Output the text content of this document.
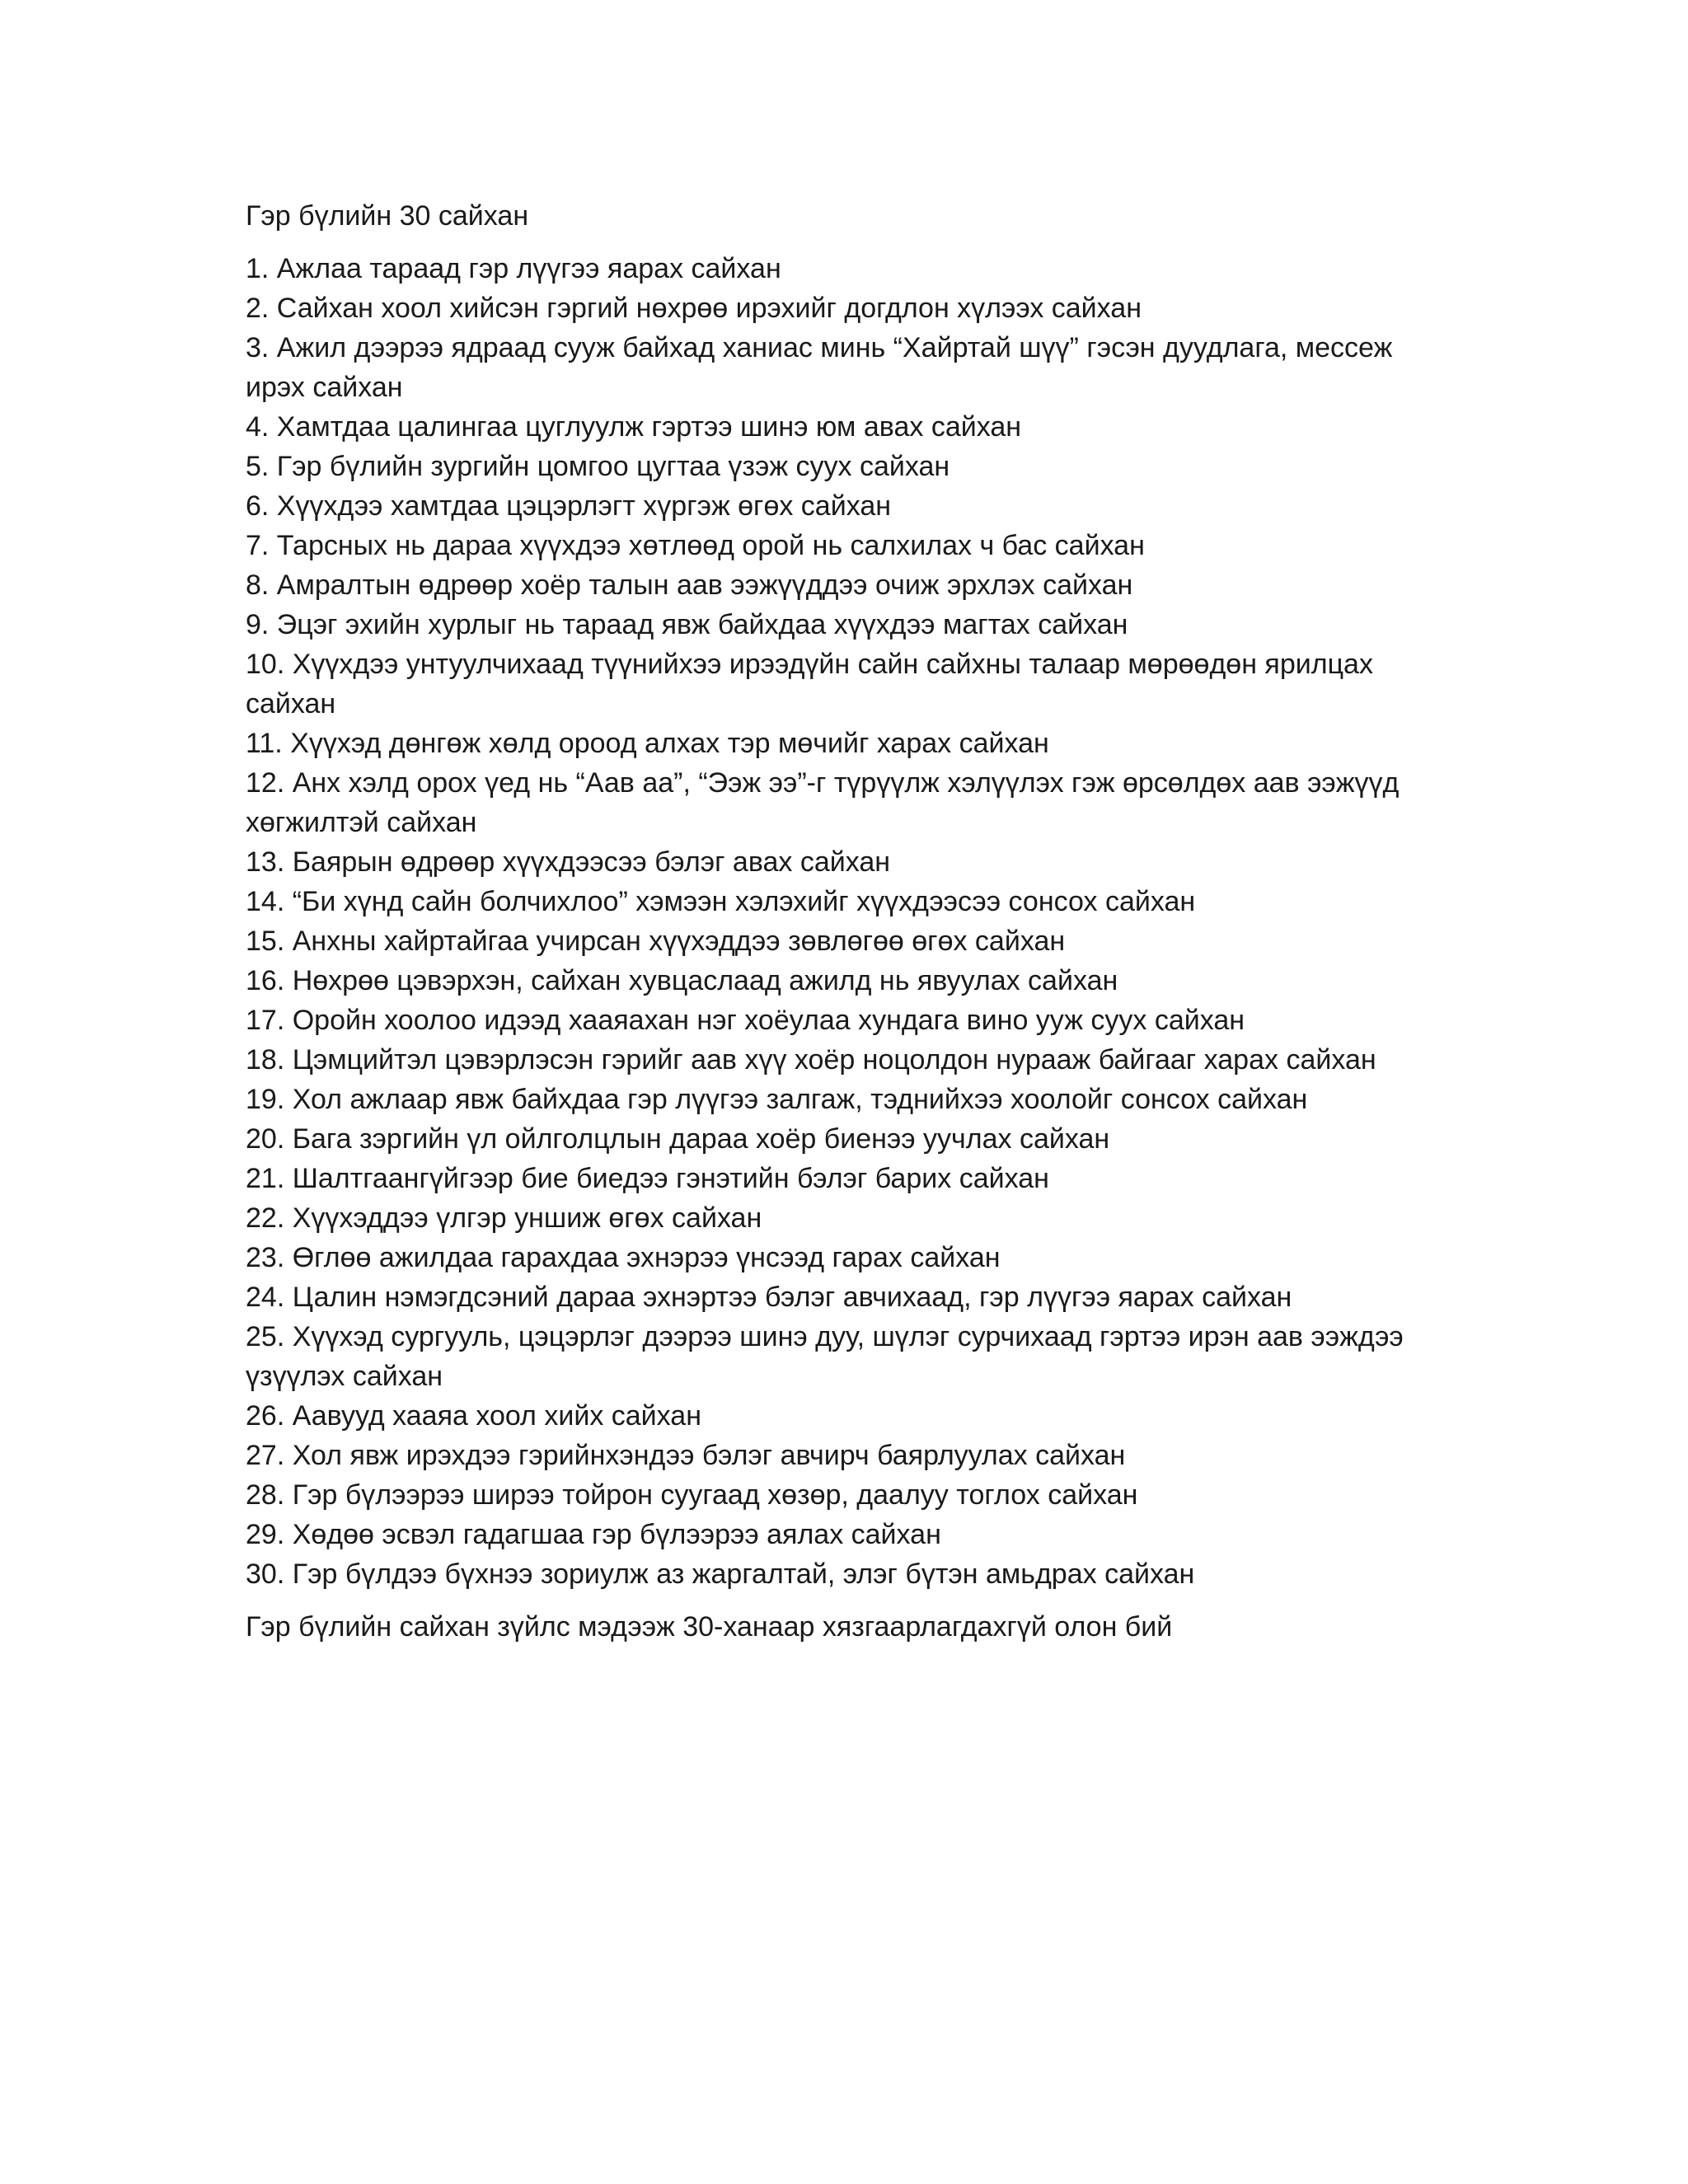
Гэр бүлийн 30 сайхан
1. Ажлаа тараад гэр лүүгээ яарах сайхан
2. Сайхан хоол хийсэн гэргий нөхрөө ирэхийг догдлон хүлээх сайхан
3. Ажил дээрээ ядраад сууж байхад ханиас минь “Хайртай шүү” гэсэн дуудлага, мессеж ирэх сайхан
4. Хамтдаа цалингаа цуглуулж гэртээ шинэ юм авах сайхан
5. Гэр бүлийн зургийн цомгоо цугтаа үзэж суух сайхан
6. Хүүхдээ хамтдаа цэцэрлэгт хүргэж өгөх сайхан
7. Тарсных нь дараа хүүхдээ хөтлөөд орой нь салхилах ч бас сайхан
8. Амралтын өдрөөр хоёр талын аав ээжүүддээ очиж эрхлэх сайхан
9. Эцэг эхийн хурлыг нь тараад явж байхдаа хүүхдээ магтах сайхан
10. Хүүхдээ унтуулчихаад түүнийхээ ирээдүйн сайн сайхны талаар мөрөөдөн ярилцах сайхан
11. Хүүхэд дөнгөж хөлд ороод алхах тэр мөчийг харах сайхан
12. Анх хэлд орох үед нь “Аав аа”, “Ээж ээ”-г түрүүлж хэлүүлэх гэж өрсөлдөх аав ээжүүд хөгжилтэй сайхан
13. Баярын өдрөөр хүүхдээсээ бэлэг авах сайхан
14. “Би хүнд сайн болчихлоо” хэмээн хэлэхийг хүүхдээсээ сонсох сайхан
15. Анхны хайртайгаа учирсан хүүхэддээ зөвлөгөө өгөх сайхан
16. Нөхрөө цэвэрхэн, сайхан хувцаслаад ажилд нь явуулах сайхан
17. Оройн хоолоо идээд хааяахан нэг хоёулаа хундага вино ууж суух сайхан
18. Цэмцийтэл цэвэрлэсэн гэрийг аав хүү хоёр ноцолдон нурааж байгааг харах сайхан
19. Хол ажлаар явж байхдаа гэр лүүгээ залгаж, тэднийхээ хоолойг сонсох сайхан
20. Бага зэргийн үл ойлголцлын дараа хоёр биенээ уучлах сайхан
21. Шалтгаангүйгээр бие биедээ гэнэтийн бэлэг барих сайхан
22. Хүүхэддээ үлгэр уншиж өгөх сайхан
23. Өглөө ажилдаа гарахдаа эхнэрээ үнсээд гарах сайхан
24. Цалин нэмэгдсэний дараа эхнэртээ бэлэг авчихаад, гэр лүүгээ яарах сайхан
25. Хүүхэд сургууль, цэцэрлэг дээрээ шинэ дуу, шүлэг сурчихаад гэртээ ирэн аав ээждээ үзүүлэх сайхан
26. Аавууд хааяа хоол хийх сайхан
27. Хол явж ирэхдээ гэрийнхэндээ бэлэг авчирч баярлуулах сайхан
28. Гэр бүлээрээ ширээ тойрон суугаад хөзөр, даалуу тоглох сайхан
29. Хөдөө эсвэл гадагшаа гэр бүлээрээ аялах сайхан
30. Гэр бүлдээ бүхнээ зориулж аз жаргалтай, элэг бүтэн амьдрах сайхан
Гэр бүлийн сайхан зүйлс мэдээж 30-ханаар хязгаарлагдахгүй олон бий
